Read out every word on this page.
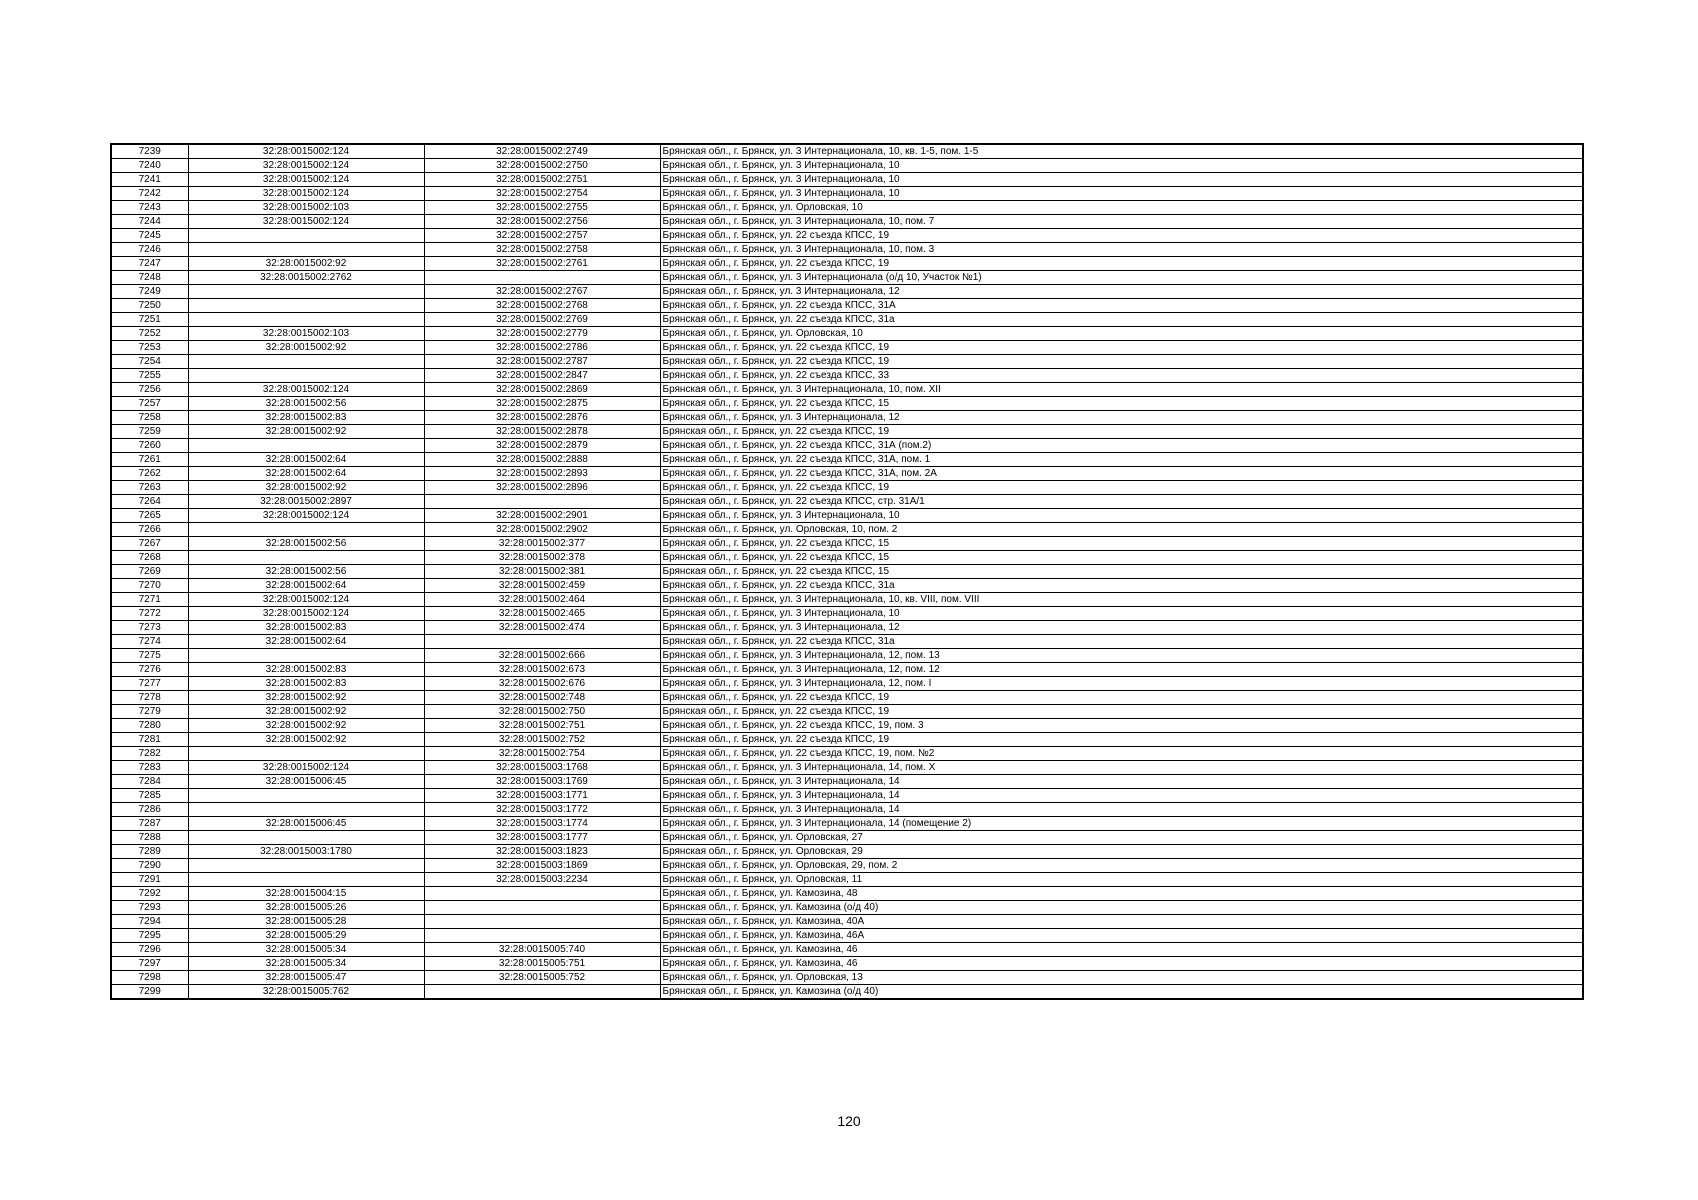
7239	32:28:0015002:124	32:28:0015002:2749	Брянская обл., г. Брянск, ул. 3 Интернационала, 10, кв. 1-5, пом. 1-5
7240	32:28:0015002:124	32:28:0015002:2750	Брянская обл., г. Брянск, ул. 3 Интернационала, 10
7241	32:28:0015002:124	32:28:0015002:2751	Брянская обл., г. Брянск, ул. 3 Интернационала, 10
7242	32:28:0015002:124	32:28:0015002:2754	Брянская обл., г. Брянск, ул. 3 Интернационала, 10
7243	32:28:0015002:103	32:28:0015002:2755	Брянская обл., г. Брянск, ул. Орловская, 10
7244	32:28:0015002:124	32:28:0015002:2756	Брянская обл., г. Брянск, ул. 3 Интернационала, 10, пом. 7
7245		32:28:0015002:2757	Брянская обл., г. Брянск, ул. 22 съезда КПСС, 19
7246		32:28:0015002:2758	Брянская обл., г. Брянск, ул. 3 Интернационала, 10, пом. 3
7247	32:28:0015002:92	32:28:0015002:2761	Брянская обл., г. Брянск, ул. 22 съезда КПСС, 19
7248	32:28:0015002:2762		Брянская обл., г. Брянск, ул. 3 Интернационала (о/д 10, Участок №1)
7249		32:28:0015002:2767	Брянская обл., г. Брянск, ул. 3 Интернационала, 12
7250		32:28:0015002:2768	Брянская обл., г. Брянск, ул. 22 съезда КПСС, 31А
7251		32:28:0015002:2769	Брянская обл., г. Брянск, ул. 22 съезда КПСС, 31а
7252	32:28:0015002:103	32:28:0015002:2779	Брянская обл., г. Брянск, ул. Орловская, 10
7253	32:28:0015002:92	32:28:0015002:2786	Брянская обл., г. Брянск, ул. 22 съезда КПСС, 19
7254		32:28:0015002:2787	Брянская обл., г. Брянск, ул. 22 съезда КПСС, 19
7255		32:28:0015002:2847	Брянская обл., г. Брянск, ул. 22 съезда КПСС, 33
7256	32:28:0015002:124	32:28:0015002:2869	Брянская обл., г. Брянск, ул. 3 Интернационала, 10, пом. XII
7257	32:28:0015002:56	32:28:0015002:2875	Брянская обл., г. Брянск, ул. 22 съезда КПСС, 15
7258	32:28:0015002:83	32:28:0015002:2876	Брянская обл., г. Брянск, ул. 3 Интернационала, 12
7259	32:28:0015002:92	32:28:0015002:2878	Брянская обл., г. Брянск, ул. 22 съезда КПСС, 19
7260		32:28:0015002:2879	Брянская обл., г. Брянск, ул. 22 съезда КПСС, 31А (пом.2)
7261	32:28:0015002:64	32:28:0015002:2888	Брянская обл., г. Брянск, ул. 22 съезда КПСС, 31А, пом. 1
7262	32:28:0015002:64	32:28:0015002:2893	Брянская обл., г. Брянск, ул. 22 съезда КПСС, 31А, пом. 2А
7263	32:28:0015002:92	32:28:0015002:2896	Брянская обл., г. Брянск, ул. 22 съезда КПСС, 19
7264	32:28:0015002:2897		Брянская обл., г. Брянск, ул. 22 съезда КПСС, стр. 31А/1
7265	32:28:0015002:124	32:28:0015002:2901	Брянская обл., г. Брянск, ул. 3 Интернационала, 10
7266		32:28:0015002:2902	Брянская обл., г. Брянск, ул. Орловская, 10, пом. 2
7267	32:28:0015002:56	32:28:0015002:377	Брянская обл., г. Брянск, ул. 22 съезда КПСС, 15
7268		32:28:0015002:378	Брянская обл., г. Брянск, ул. 22 съезда КПСС, 15
7269	32:28:0015002:56	32:28:0015002:381	Брянская обл., г. Брянск, ул. 22 съезда КПСС, 15
7270	32:28:0015002:64	32:28:0015002:459	Брянская обл., г. Брянск, ул. 22 съезда КПСС, 31а
7271	32:28:0015002:124	32:28:0015002:464	Брянская обл., г. Брянск, ул. 3 Интернационала, 10, кв. VIII, пом. VIII
7272	32:28:0015002:124	32:28:0015002:465	Брянская обл., г. Брянск, ул. 3 Интернационала, 10
7273	32:28:0015002:83	32:28:0015002:474	Брянская обл., г. Брянск, ул. 3 Интернационала, 12
7274	32:28:0015002:64		Брянская обл., г. Брянск, ул. 22 съезда КПСС, 31а
7275		32:28:0015002:666	Брянская обл., г. Брянск, ул. 3 Интернационала, 12, пом. 13
7276	32:28:0015002:83	32:28:0015002:673	Брянская обл., г. Брянск, ул. 3 Интернационала, 12, пом. 12
7277	32:28:0015002:83	32:28:0015002:676	Брянская обл., г. Брянск, ул. 3 Интернационала, 12, пом. I
7278	32:28:0015002:92	32:28:0015002:748	Брянская обл., г. Брянск, ул. 22 съезда КПСС, 19
7279	32:28:0015002:92	32:28:0015002:750	Брянская обл., г. Брянск, ул. 22 съезда КПСС, 19
7280	32:28:0015002:92	32:28:0015002:751	Брянская обл., г. Брянск, ул. 22 съезда КПСС, 19, пом. 3
7281	32:28:0015002:92	32:28:0015002:752	Брянская обл., г. Брянск, ул. 22 съезда КПСС, 19
7282		32:28:0015002:754	Брянская обл., г. Брянск, ул. 22 съезда КПСС, 19, пом. №2
7283	32:28:0015002:124	32:28:0015003:1768	Брянская обл., г. Брянск, ул. 3 Интернационала, 14, пом. X
7284	32:28:0015006:45	32:28:0015003:1769	Брянская обл., г. Брянск, ул. 3 Интернационала, 14
7285		32:28:0015003:1771	Брянская обл., г. Брянск, ул. 3 Интернационала, 14
7286		32:28:0015003:1772	Брянская обл., г. Брянск, ул. 3 Интернационала, 14
7287	32:28:0015006:45	32:28:0015003:1774	Брянская обл., г. Брянск, ул. 3 Интернационала, 14 (помещение 2)
7288		32:28:0015003:1777	Брянская обл., г. Брянск, ул. Орловская, 27
7289	32:28:0015003:1780	32:28:0015003:1823	Брянская обл., г. Брянск, ул. Орловская, 29
7290		32:28:0015003:1869	Брянская обл., г. Брянск, ул. Орловская, 29, пом. 2
7291		32:28:0015003:2234	Брянская обл., г. Брянск, ул. Орловская, 11
7292	32:28:0015004:15		Брянская обл., г. Брянск, ул. Камозина, 48
7293	32:28:0015005:26		Брянская обл., г. Брянск, ул. Камозина (о/д 40)
7294	32:28:0015005:28		Брянская обл., г. Брянск, ул. Камозина, 40А
7295	32:28:0015005:29		Брянская обл., г. Брянск, ул. Камозина, 46А
7296	32:28:0015005:34	32:28:0015005:740	Брянская обл., г. Брянск, ул. Камозина, 46
7297	32:28:0015005:34	32:28:0015005:751	Брянская обл., г. Брянск, ул. Камозина, 46
7298	32:28:0015005:47	32:28:0015005:752	Брянская обл., г. Брянск, ул. Орловская, 13
7299	32:28:0015005:762		Брянская обл., г. Брянск, ул. Камозина (о/д 40)
120
